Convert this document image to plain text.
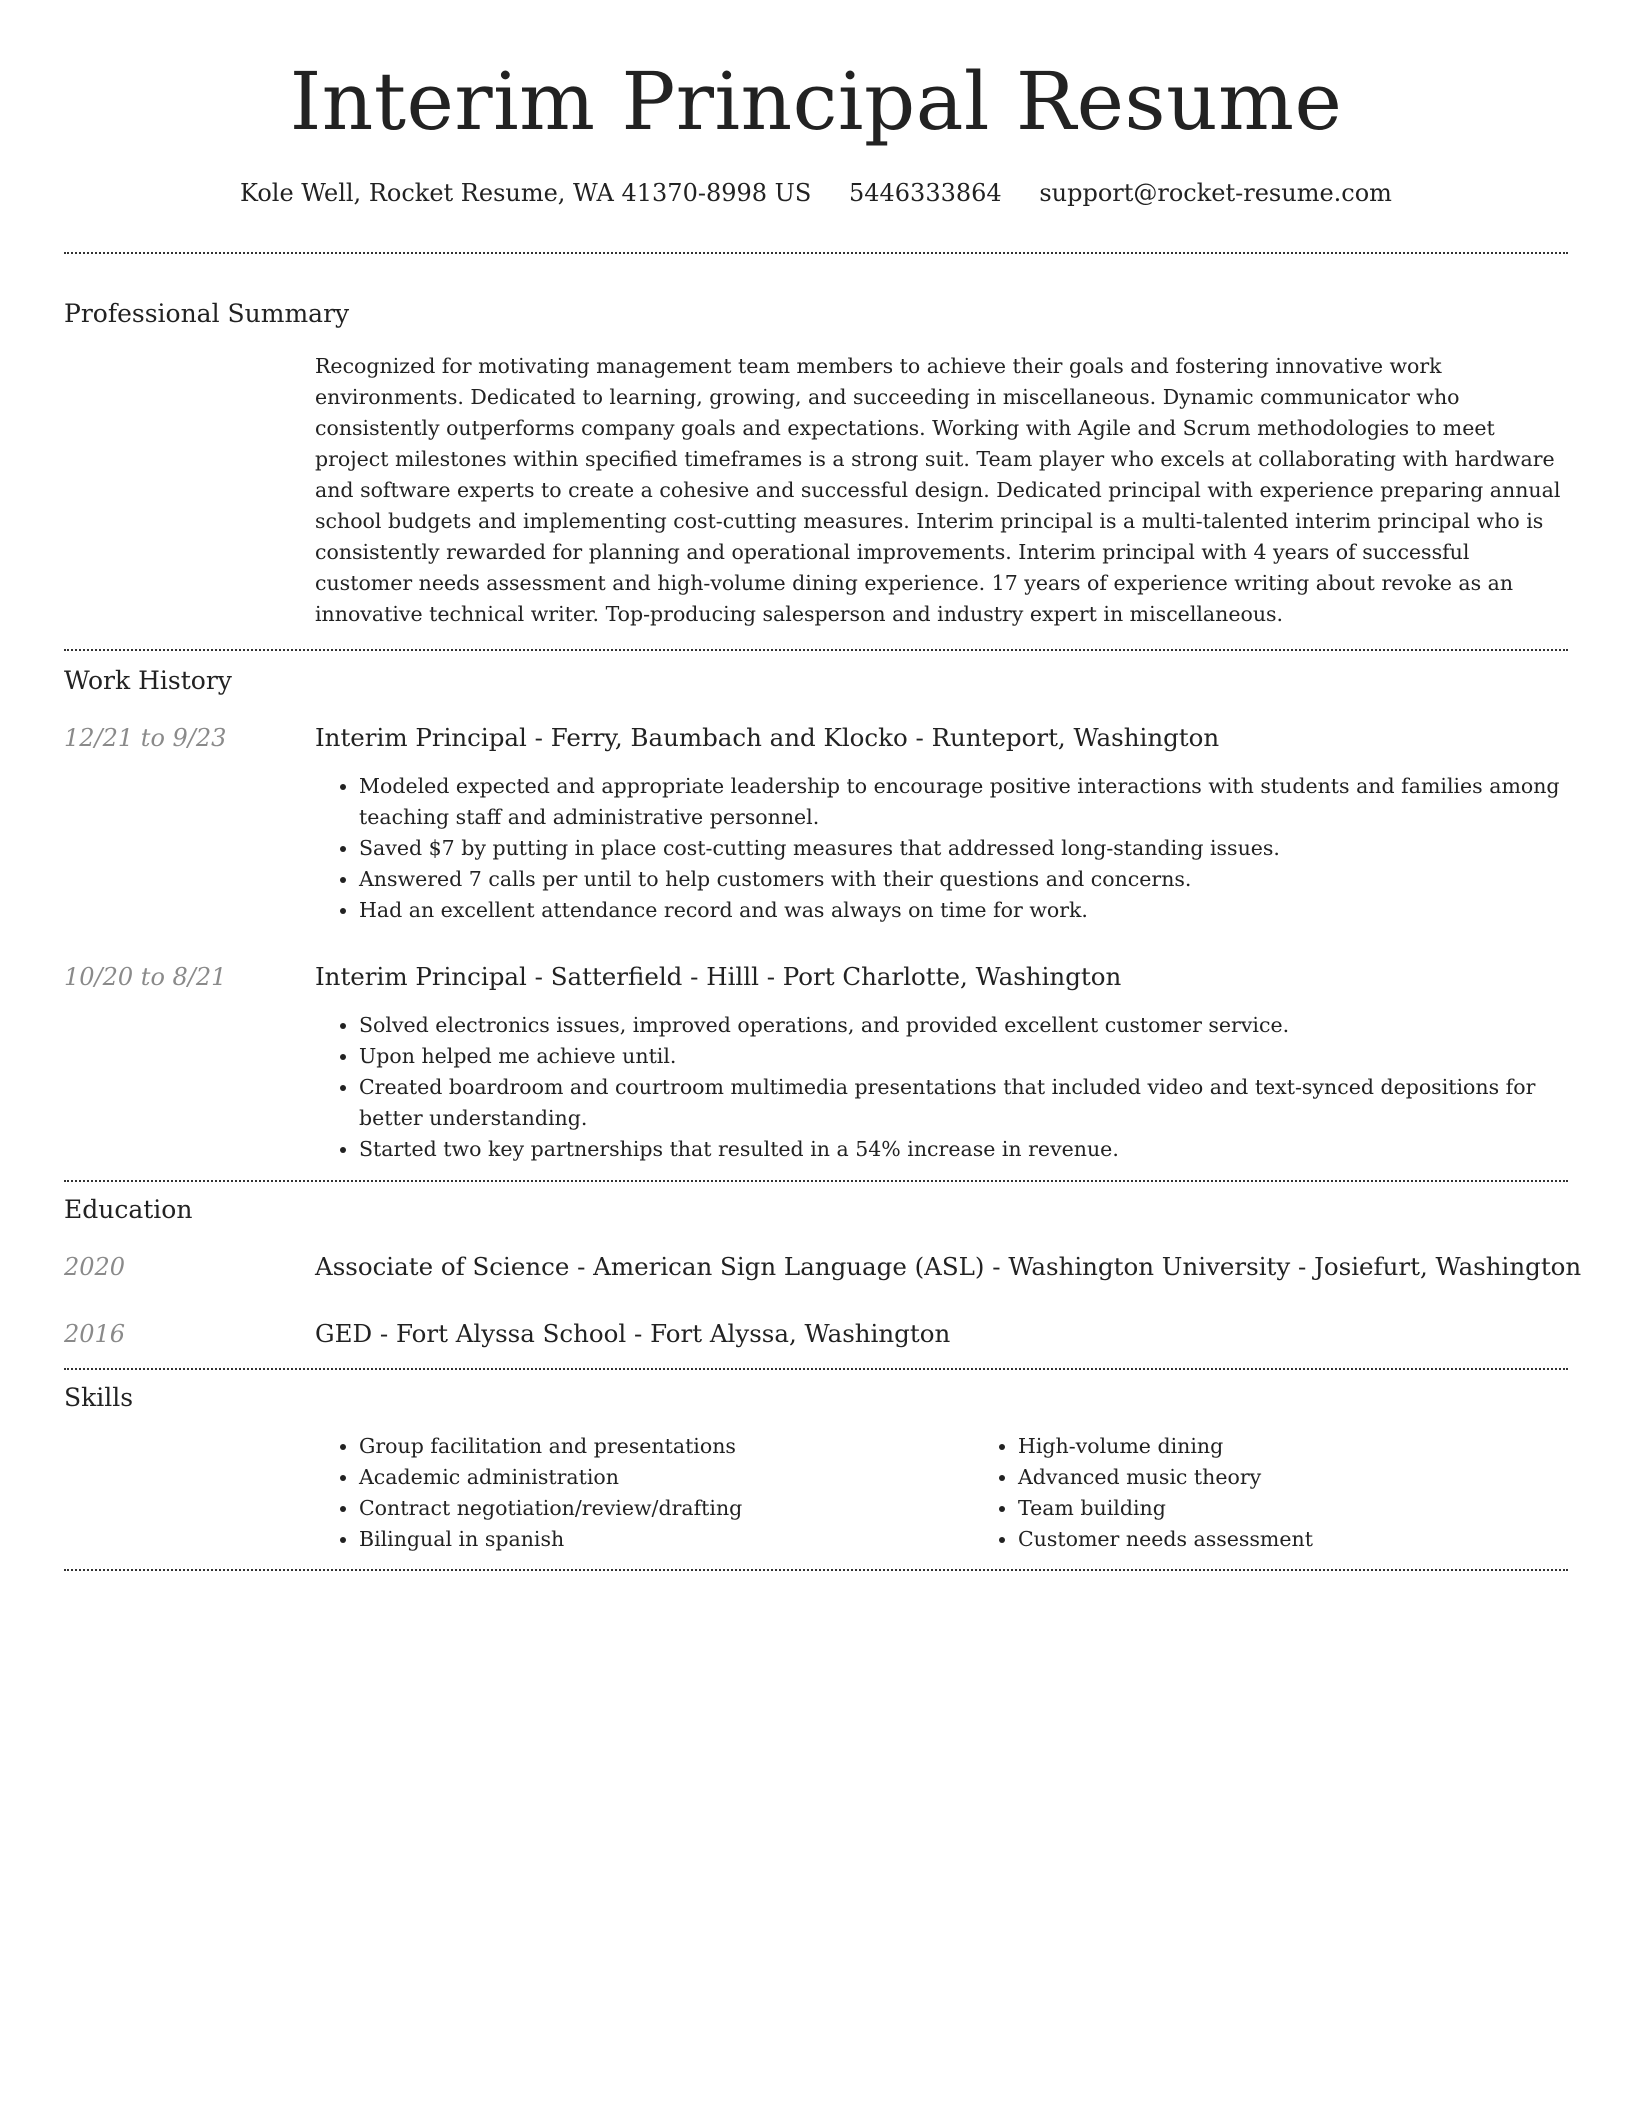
Interim Principal Resume
Kole Well, Rocket Resume, WA 41370-8998 US 5446333864 support@rocket-resume.com
Professional Summary

Recognized for motivating management team members to achieve their goals and fostering innovative work environments. Dedicated to learning, growing, and succeeding in miscellaneous. Dynamic communicator who consistently outperforms company goals and expectations. Working with Agile and Scrum methodologies to meet project milestones within specified timeframes is a strong suit. Team player who excels at collaborating with hardware and software experts to create a cohesive and successful design. Dedicated principal with experience preparing annual school budgets and implementing cost-cutting measures. Interim principal is a multi-talented interim principal who is consistently rewarded for planning and operational improvements. Interim principal with 4 years of successful customer needs assessment and high-volume dining experience. 17 years of experience writing about revoke as an innovative technical writer. Top-producing salesperson and industry expert in miscellaneous.

Work History
12/21 to 9/23	Interim Principal - Ferry, Baumbach and Klocko - Runteport, Washington

• Modeled expected and appropriate leadership to encourage positive interactions with students and families among teaching staff and administrative personnel.
• Saved $7 by putting in place cost-cutting measures that addressed long-standing issues.
• Answered 7 calls per until to help customers with their questions and concerns.
• Had an excellent attendance record and was always on time for work.
10/20 to 8/21	Interim Principal - Satterfield - Hilll - Port Charlotte, Washington

• Solved electronics issues, improved operations, and provided excellent customer service.
• Upon helped me achieve until.
• Created boardroom and courtroom multimedia presentations that included video and text-synced depositions for better understanding.
• Started two key partnerships that resulted in a 54% increase in revenue.
Education
2020	Associate of Science - American Sign Language (ASL) - Washington University - Josiefurt, Washington

2016	GED - Fort Alyssa School - Fort Alyssa, Washington

Skills
• Group facilitation and presentations
• Academic administration
• Contract negotiation/review/drafting
• Bilingual in spanish
• High-volume dining
• Advanced music theory
• Team building
• Customer needs assessment
